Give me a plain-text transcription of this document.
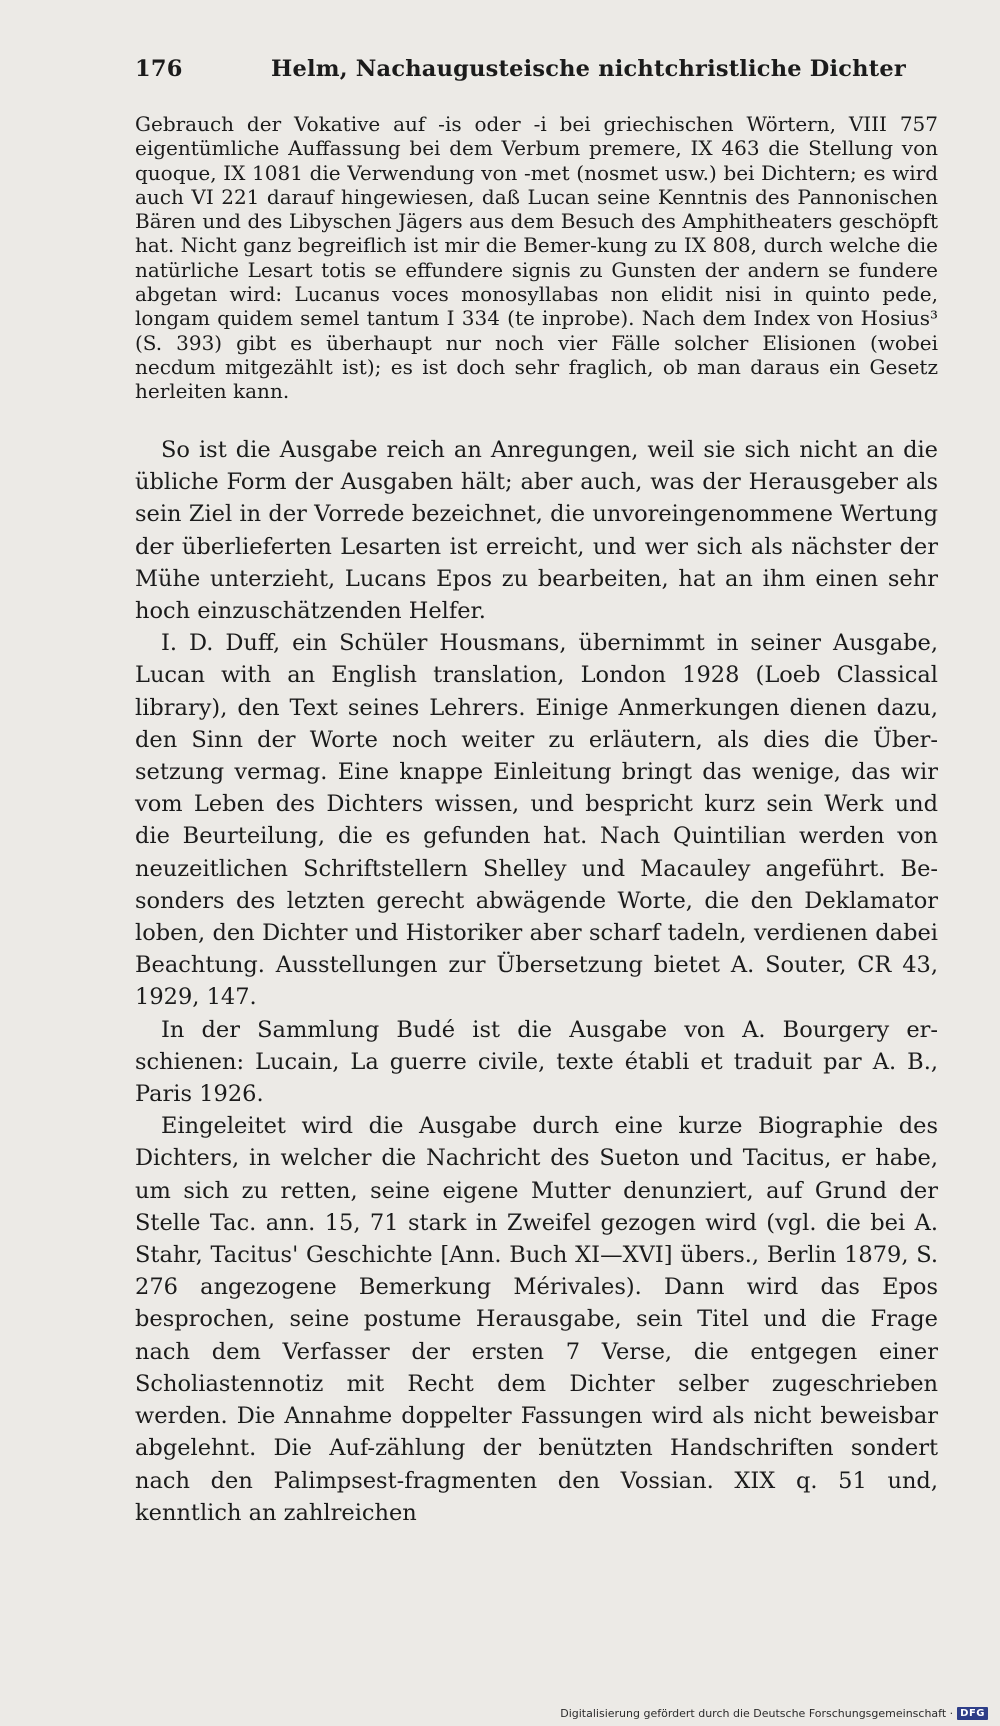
176	Helm, Nachaugusteische nichtchristliche Dichter

Gebrauch der Vokative auf -is oder -i bei griechischen Wörtern, VIII 757 eigentümliche Auffassung bei dem Verbum premere, IX 463 die Stellung von quoque, IX 1081 die Verwendung von -met (nosmet usw.) bei Dichtern; es wird auch VI 221 darauf hingewiesen, daß Lucan seine Kenntnis des Pannonischen Bären und des Libyschen Jägers aus dem Besuch des Amphitheaters geschöpft hat. Nicht ganz begreiflich ist mir die Bemer-kung zu IX 808, durch welche die natürliche Lesart totis se effundere signis zu Gunsten der andern se fundere abgetan wird: Lucanus voces monosyllabas non elidit nisi in quinto pede, longam quidem semel tantum I 334 (te inprobe). Nach dem Index von Hosius³ (S. 393) gibt es überhaupt nur noch vier Fälle solcher Elisionen (wobei necdum mitgezählt ist); es ist doch sehr fraglich, ob man daraus ein Gesetz herleiten kann.

So ist die Ausgabe reich an Anregungen, weil sie sich nicht an die übliche Form der Ausgaben hält; aber auch, was der Herausgeber als sein Ziel in der Vorrede bezeichnet, die unvoreingenommene Wertung der überlieferten Lesarten ist erreicht, und wer sich als nächster der Mühe unterzieht, Lucans Epos zu bearbeiten, hat an ihm einen sehr hoch einzuschätzenden Helfer.

I. D. Duff, ein Schüler Housmans, übernimmt in seiner Ausgabe, Lucan with an English translation, London 1928 (Loeb Classical library), den Text seines Lehrers. Einige Anmerkungen dienen dazu, den Sinn der Worte noch weiter zu erläutern, als dies die Über-setzung vermag. Eine knappe Einleitung bringt das wenige, das wir vom Leben des Dichters wissen, und bespricht kurz sein Werk und die Beurteilung, die es gefunden hat. Nach Quintilian werden von neuzeitlichen Schriftstellern Shelley und Macauley angeführt. Be-sonders des letzten gerecht abwägende Worte, die den Deklamator loben, den Dichter und Historiker aber scharf tadeln, verdienen dabei Beachtung. Ausstellungen zur Übersetzung bietet A. Souter, CR 43, 1929, 147.

In der Sammlung Budé ist die Ausgabe von A. Bourgery er-schienen: Lucain, La guerre civile, texte établi et traduit par A. B., Paris 1926.

Eingeleitet wird die Ausgabe durch eine kurze Biographie des Dichters, in welcher die Nachricht des Sueton und Tacitus, er habe, um sich zu retten, seine eigene Mutter denunziert, auf Grund der Stelle Tac. ann. 15, 71 stark in Zweifel gezogen wird (vgl. die bei A. Stahr, Tacitus' Geschichte [Ann. Buch XI—XVI] übers., Berlin 1879, S. 276 angezogene Bemerkung Mérivales). Dann wird das Epos besprochen, seine postume Herausgabe, sein Titel und die Frage nach dem Verfasser der ersten 7 Verse, die entgegen einer Scholiastennotiz mit Recht dem Dichter selber zugeschrieben werden. Die Annahme doppelter Fassungen wird als nicht beweisbar abgelehnt. Die Auf-zählung der benützten Handschriften sondert nach den Palimpsest-fragmenten den Vossian. XIX q. 51 und, kenntlich an zahlreichen

Digitalisierung gefördert durch die Deutsche Forschungsgemeinschaft · DFG
